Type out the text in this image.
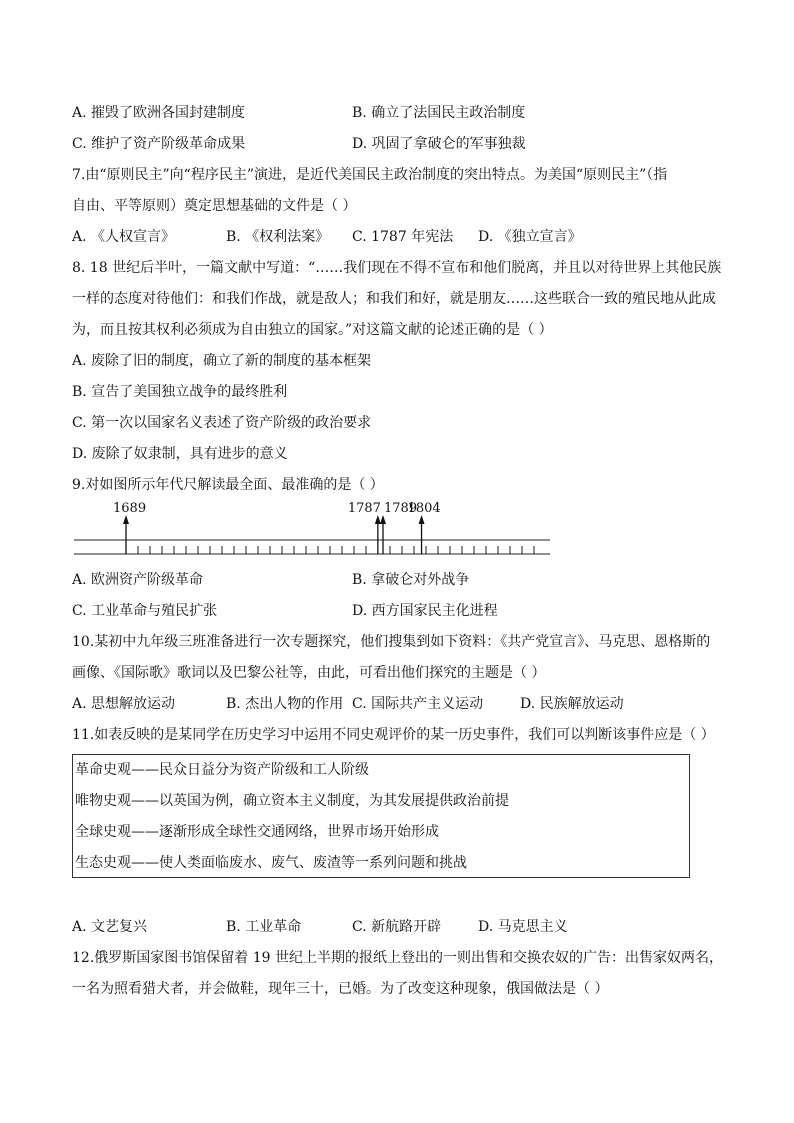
A. 摧毁了欧洲各国封建制度	B. 确立了法国民主政治制度
C. 维护了资产阶级革命成果	D. 巩固了拿破仑的军事独裁
7.由“原则民主”向“程序民主”演进，是近代美国民主政治制度的突出特点。为美国“原则民主”（指
自由、平等原则）奠定思想基础的文件是（ ）
A. 《人权宣言》	B. 《权利法案》 C. 1787 年宪法 D. 《独立宣言》
8. 18 世纪后半叶，一篇文献中写道：“……我们现在不得不宣布和他们脱离，并且以对待世界上其他民族
一样的态度对待他们：和我们作战，就是敌人；和我们和好，就是朋友……这些联合一致的殖民地从此成
为，而且按其权利必须成为自由独立的国家。”对这篇文献的论述正确的是（ ）
A. 废除了旧的制度，确立了新的制度的基本框架
B. 宣告了美国独立战争的最终胜利
C. 第一次以国家名义表述了资产阶级的政治要求
D. 废除了奴隶制，具有进步的意义
9.对如图所示年代尺解读最全面、最准确的是（ ）
1689	1787 1789
1804
A. 欧洲资产阶级革命	B. 拿破仑对外战争
C. 工业革命与殖民扩张	D. 西方国家民主化进程
10.某初中九年级三班准备进行一次专题探究，他们搜集到如下资料：《共产党宣言》、马克思、恩格斯的
画像、《国际歌》歌词以及巴黎公社等，由此，可看出他们探究的主题是（ ）
A. 思想解放运动	B. 杰出人物的作用 C. 国际共产主义运动	D. 民族解放运动
11.如表反映的是某同学在历史学习中运用不同史观评价的某一历史事件，我们可以判断该事件应是（ ）
革命史观——民众日益分为资产阶级和工人阶级
唯物史观——以英国为例，确立资本主义制度，为其发展提供政治前提
全球史观——逐渐形成全球性交通网络，世界市场开始形成
生态史观——使人类面临废水、废气、废渣等一系列问题和挑战
A. 文艺复兴	B. 工业革命	C. 新航路开辟	D. 马克思主义
12.俄罗斯国家图书馆保留着 19 世纪上半期的报纸上登出的一则出售和交换农奴的广告：出售家奴两名，
一名为照看猎犬者，并会做鞋，现年三十，已婚。为了改变这种现象，俄国做法是（ ）
